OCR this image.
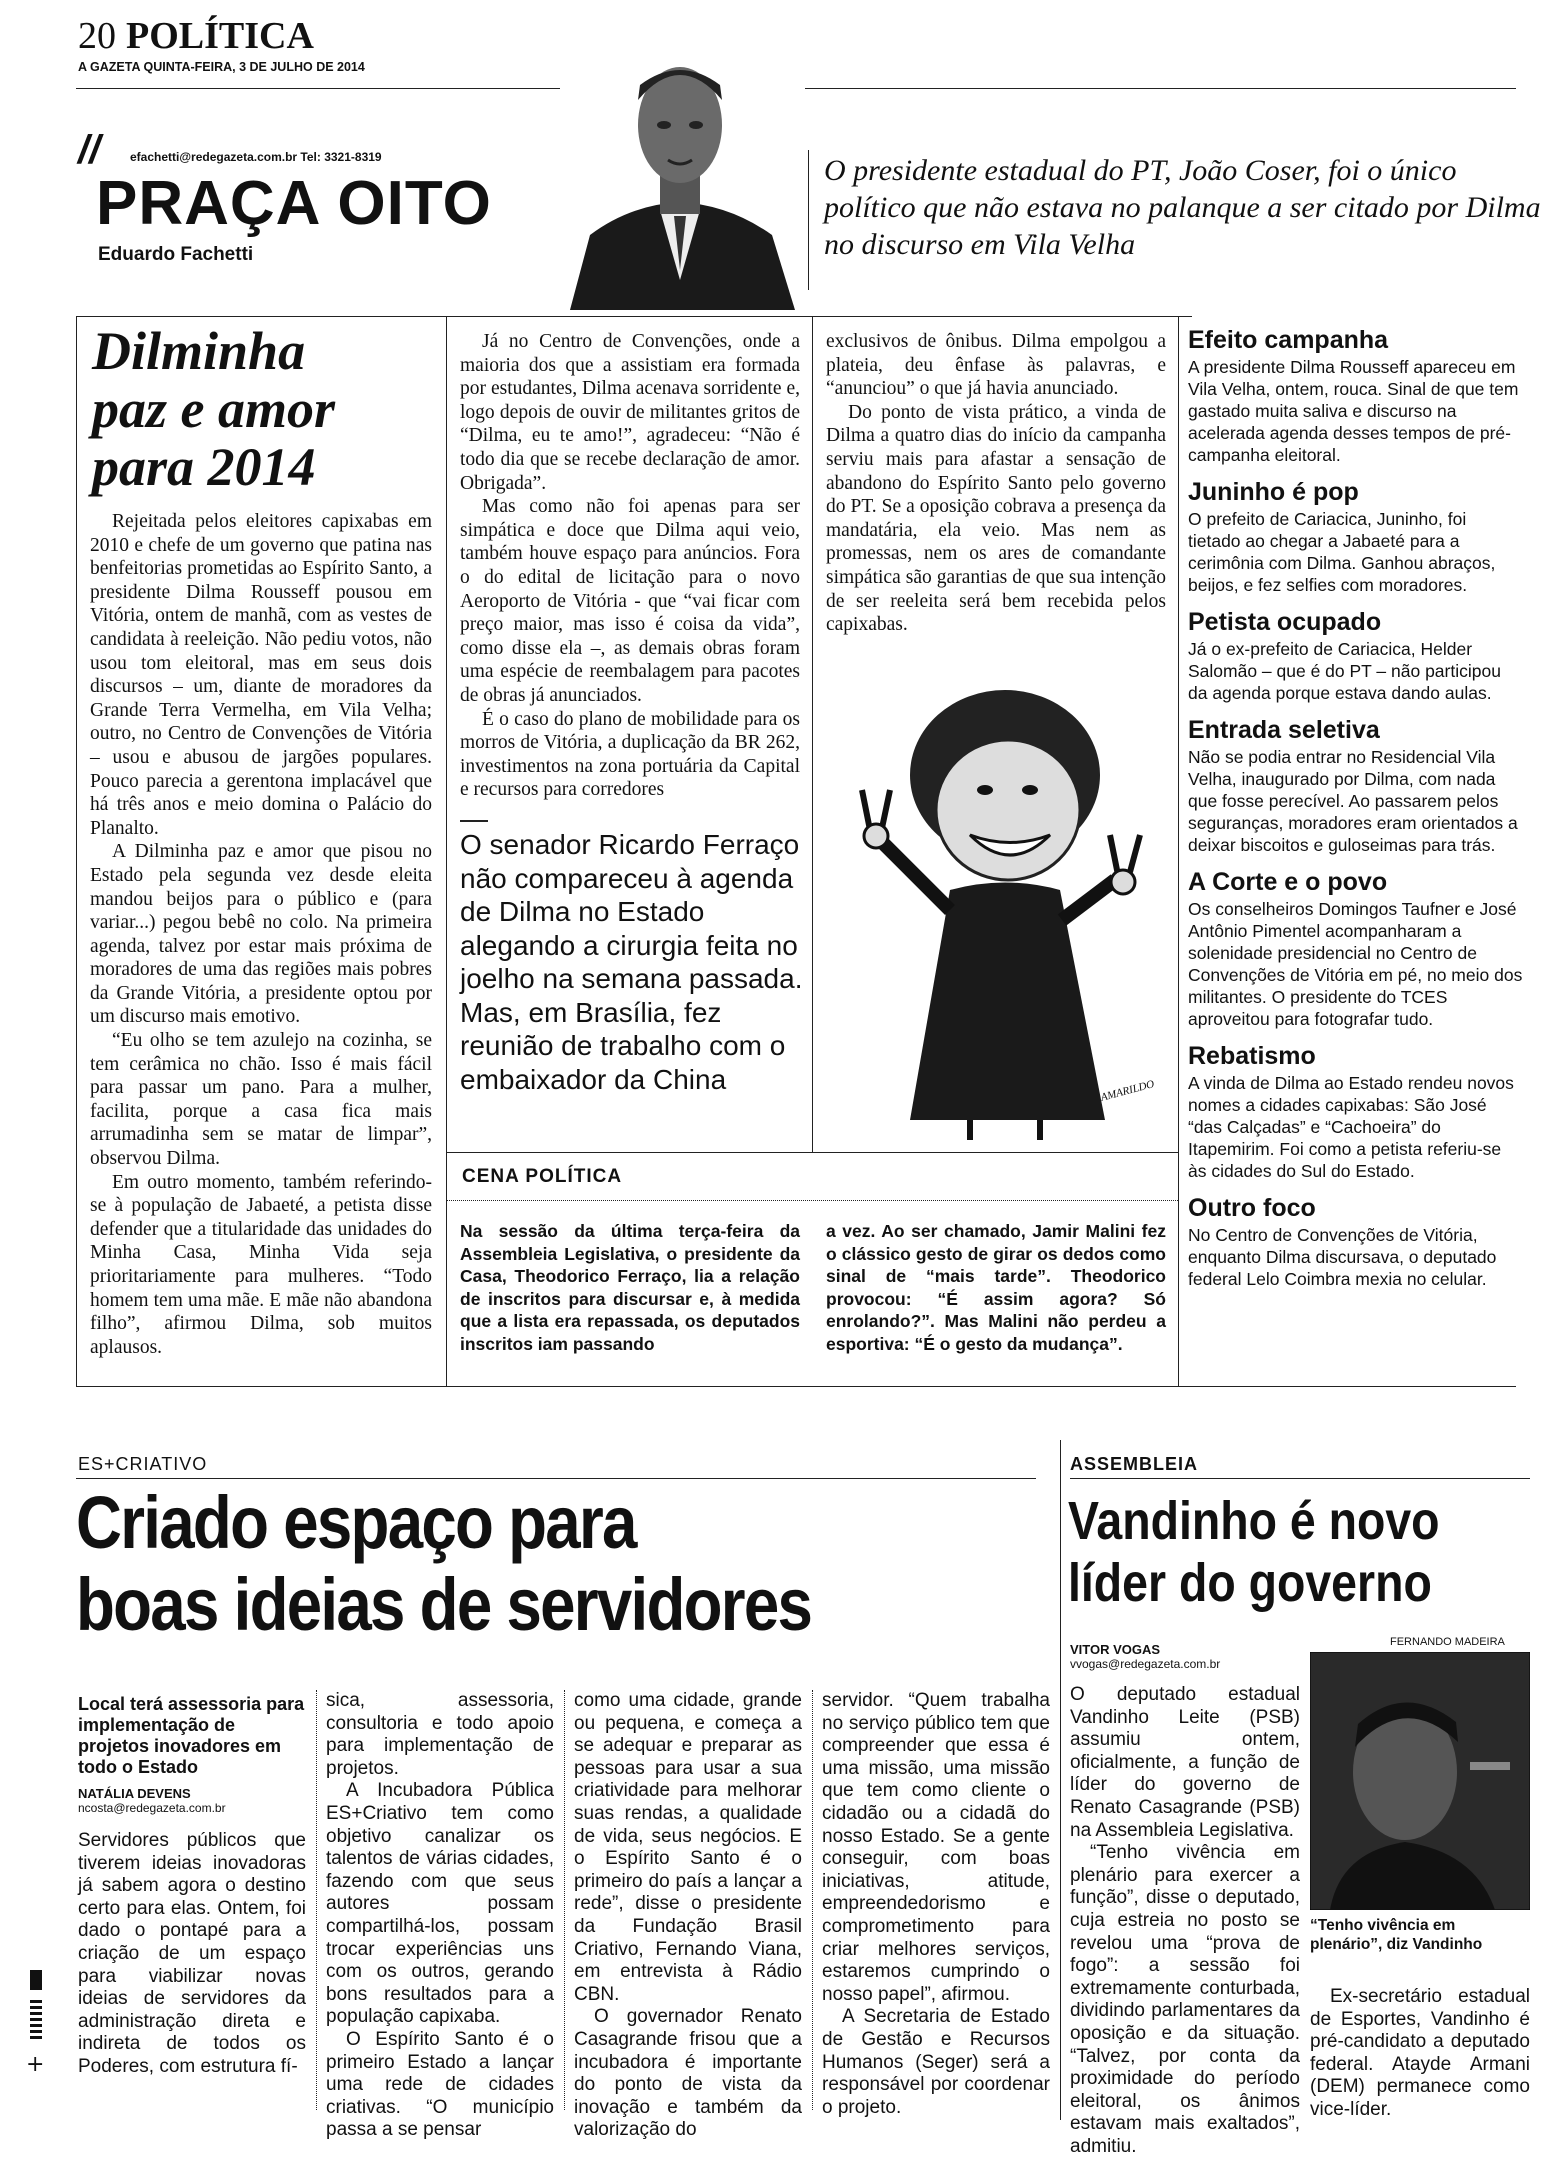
20 POLÍTICA
A GAZETA QUINTA-FEIRA, 3 DE JULHO DE 2014
// efachetti@redegazeta.com.br Tel: 3321-8319
PRAÇA OITO
Eduardo Fachetti
O presidente estadual do PT, João Coser, foi o único político que não estava no palanque a ser citado por Dilma no discurso em Vila Velha
Dilminha
paz e amor
para 2014

Rejeitada pelos eleitores capixabas em 2010 e chefe de um governo que patina nas benfeitorias prometidas ao Espírito Santo, a presidente Dilma Rousseff pousou em Vitória, ontem de manhã, com as vestes de candidata à reeleição. Não pediu votos, não usou tom eleitoral, mas em seus dois discursos – um, diante de moradores da Grande Terra Vermelha, em Vila Velha; outro, no Centro de Convenções de Vitória – usou e abusou de jargões populares. Pouco parecia a gerentona implacável que há três anos e meio domina o Palácio do Planalto.

A Dilminha paz e amor que pisou no Estado pela segunda vez desde eleita mandou beijos para o público e (para variar...) pegou bebê no colo. Na primeira agenda, talvez por estar mais próxima de moradores de uma das regiões mais pobres da Grande Vitória, a presidente optou por um discurso mais emotivo.

“Eu olho se tem azulejo na cozinha, se tem cerâmica no chão. Isso é mais fácil para passar um pano. Para a mulher, facilita, porque a casa fica mais arrumadinha sem se matar de limpar”, observou Dilma.

Em outro momento, também referindo-se à população de Jabaeté, a petista disse defender que a titularidade das unidades do Minha Casa, Minha Vida seja prioritariamente para mulheres. “Todo homem tem uma mãe. E mãe não abandona filho”, afirmou Dilma, sob muitos aplausos.

Já no Centro de Convenções, onde a maioria dos que a assistiam era formada por estudantes, Dilma acenava sorridente e, logo depois de ouvir de militantes gritos de “Dilma, eu te amo!”, agradeceu: “Não é todo dia que se recebe declaração de amor. Obrigada”.

Mas como não foi apenas para ser simpática e doce que Dilma aqui veio, também houve espaço para anúncios. Fora o do edital de licitação para o novo Aeroporto de Vitória - que “vai ficar com preço maior, mas isso é coisa da vida”, como disse ela –, as demais obras foram uma espécie de reembalagem para pacotes de obras já anunciados.

É o caso do plano de mobilidade para os morros de Vitória, a duplicação da BR 262, investimentos na zona portuária da Capital e recursos para corredores

O senador Ricardo Ferraço não compareceu à agenda de Dilma no Estado alegando a cirurgia feita no joelho na semana passada. Mas, em Brasília, fez reunião de trabalho com o embaixador da China

exclusivos de ônibus. Dilma empolgou a plateia, deu ênfase às palavras, e “anunciou” o que já havia anunciado.

Do ponto de vista prático, a vinda de Dilma a quatro dias do início da campanha serviu mais para afastar a sensação de abandono do Espírito Santo pelo governo do PT. Se a oposição cobrava a presença da mandatária, ela veio. Mas nem as promessas, nem os ares de comandante simpática são garantias de que sua intenção de ser reeleita será bem recebida pelos capixabas.

AMARILDO
CENA POLÍTICA
Na sessão da última terça-feira da Assembleia Legislativa, o presidente da Casa, Theodorico Ferraço, lia a relação de inscritos para discursar e, à medida que a lista era repassada, os deputados inscritos iam passando
a vez. Ao ser chamado, Jamir Malini fez o clássico gesto de girar os dedos como sinal de “mais tarde”. Theodorico provocou: “É assim agora? Só enrolando?”. Mas Malini não perdeu a esportiva: “É o gesto da mudança”.
Efeito campanha
A presidente Dilma Rousseff apareceu em Vila Velha, ontem, rouca. Sinal de que tem gastado muita saliva e discurso na acelerada agenda desses tempos de pré-campanha eleitoral.
Juninho é pop
O prefeito de Cariacica, Juninho, foi tietado ao chegar a Jabaeté para a cerimônia com Dilma. Ganhou abraços, beijos, e fez selfies com moradores.
Petista ocupado
Já o ex-prefeito de Cariacica, Helder Salomão – que é do PT – não participou da agenda porque estava dando aulas.
Entrada seletiva
Não se podia entrar no Residencial Vila Velha, inaugurado por Dilma, com nada que fosse perecível. Ao passarem pelos seguranças, moradores eram orientados a deixar biscoitos e guloseimas para trás.
A Corte e o povo
Os conselheiros Domingos Taufner e José Antônio Pimentel acompanharam a solenidade presidencial no Centro de Convenções de Vitória em pé, no meio dos militantes. O presidente do TCES aproveitou para fotografar tudo.
Rebatismo
A vinda de Dilma ao Estado rendeu novos nomes a cidades capixabas: São José “das Calçadas” e “Cachoeira” do Itapemirim. Foi como a petista referiu-se às cidades do Sul do Estado.
Outro foco
No Centro de Convenções de Vitória, enquanto Dilma discursava, o deputado federal Lelo Coimbra mexia no celular.
ES+CRIATIVO
Criado espaço para
boas ideias de servidores
Local terá assessoria para implementação de projetos inovadores em todo o Estado
NATÁLIA DEVENS
ncosta@redegazeta.com.br
Servidores públicos que tiverem ideias inovadoras já sabem agora o destino certo para elas. Ontem, foi dado o pontapé para a criação de um espaço para viabilizar novas ideias de servidores da administração direta e indireta de todos os Poderes, com estrutura fí-

sica, assessoria, consultoria e todo apoio para implementação de projetos.

A Incubadora Pública ES+Criativo tem como objetivo canalizar os talentos de várias cidades, fazendo com que seus autores possam compartilhá-los, possam trocar experiências uns com os outros, gerando bons resultados para a população capixaba.

O Espírito Santo é o primeiro Estado a lançar uma rede de cidades criativas. “O município passa a se pensar

como uma cidade, grande ou pequena, e começa a se adequar e preparar as pessoas para usar a sua criatividade para melhorar suas rendas, a qualidade de vida, seus negócios. E o Espírito Santo é o primeiro do país a lançar a rede”, disse o presidente da Fundação Brasil Criativo, Fernando Viana, em entrevista à Rádio CBN.

O governador Renato Casagrande frisou que a incubadora é importante do ponto de vista da inovação e também da valorização do

servidor. “Quem trabalha no serviço público tem que compreender que essa é uma missão, uma missão que tem como cliente o cidadão ou a cidadã do nosso Estado. Se a gente conseguir, com boas iniciativas, atitude, empreendedorismo e comprometimento para criar melhores serviços, estaremos cumprindo o nosso papel”, afirmou.

A Secretaria de Estado de Gestão e Recursos Humanos (Seger) será a responsável por coordenar o projeto.

ASSEMBLEIA
Vandinho é novo
líder do governo
VITOR VOGAS
vvogas@redegazeta.com.br

O deputado estadual Vandinho Leite (PSB) assumiu ontem, oficialmente, a função de líder do governo de Renato Casagrande (PSB) na Assembleia Legislativa.

“Tenho vivência em plenário para exercer a função”, disse o deputado, cuja estreia no posto se revelou uma “prova de fogo”: a sessão foi extremamente conturbada, dividindo parlamentares da oposição e da situação. “Talvez, por conta da proximidade do período eleitoral, os ânimos estavam mais exaltados”, admitiu.

FERNANDO MADEIRA
“Tenho vivência em plenário”, diz Vandinho
Ex-secretário estadual de Esportes, Vandinho é pré-candidato a deputado federal. Atayde Armani (DEM) permanece como vice-líder.
+
